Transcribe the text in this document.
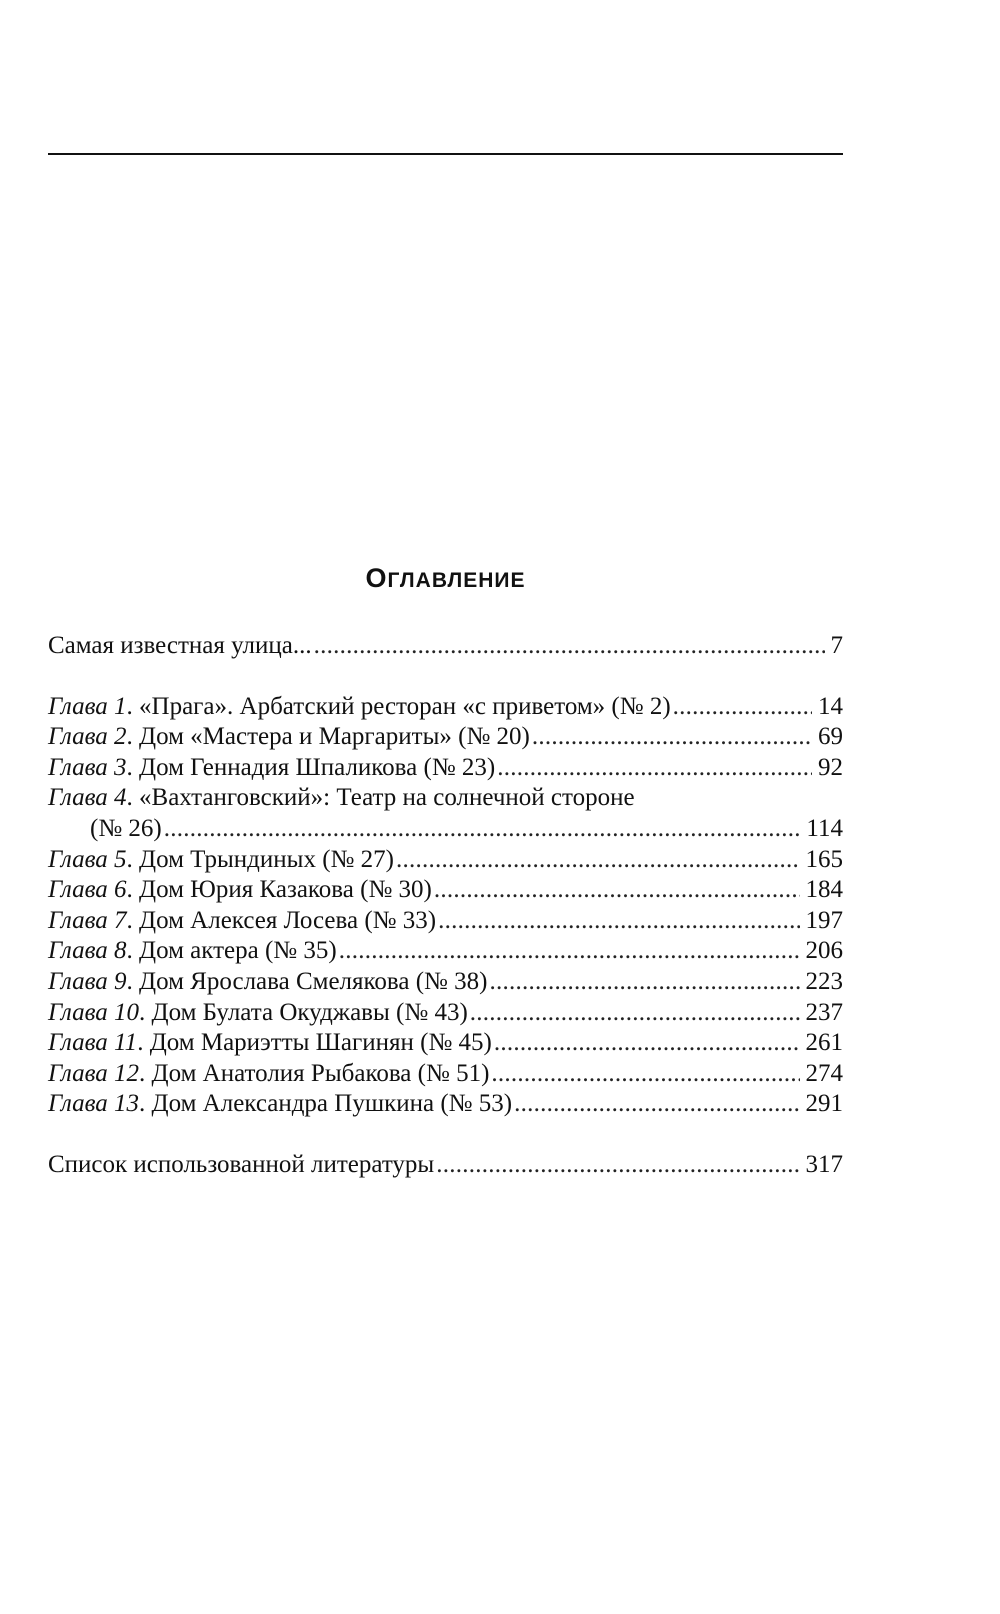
ОГЛАВЛЕНИЕ
Самая известная улица... . . .	7
Глава 1. «Прага». Арбатский ресторан «с приветом» (№ 2) . . .	14
Глава 2. Дом «Мастера и Маргариты» (№ 20) . . .	69
Глава 3. Дом Геннадия Шпаликова (№ 23) . . .	92
Глава 4. «Вахтанговский»: Театр на солнечной стороне
(№ 26) . . .	114
Глава 5. Дом Трындиных (№ 27) . . .	165
Глава 6. Дом Юрия Казакова (№ 30) . . .	184
Глава 7. Дом Алексея Лосева (№ 33) . . .	197
Глава 8. Дом актера (№ 35) . . .	206
Глава 9. Дом Ярослава Смелякова (№ 38) . . .	223
Глава 10. Дом Булата Окуджавы (№ 43) . . .	237
Глава 11. Дом Мариэтты Шагинян (№ 45) . . .	261
Глава 12. Дом Анатолия Рыбакова (№ 51) . . .	274
Глава 13. Дом Александра Пушкина (№ 53) . . .	291
Список использованной литературы . . .	317
